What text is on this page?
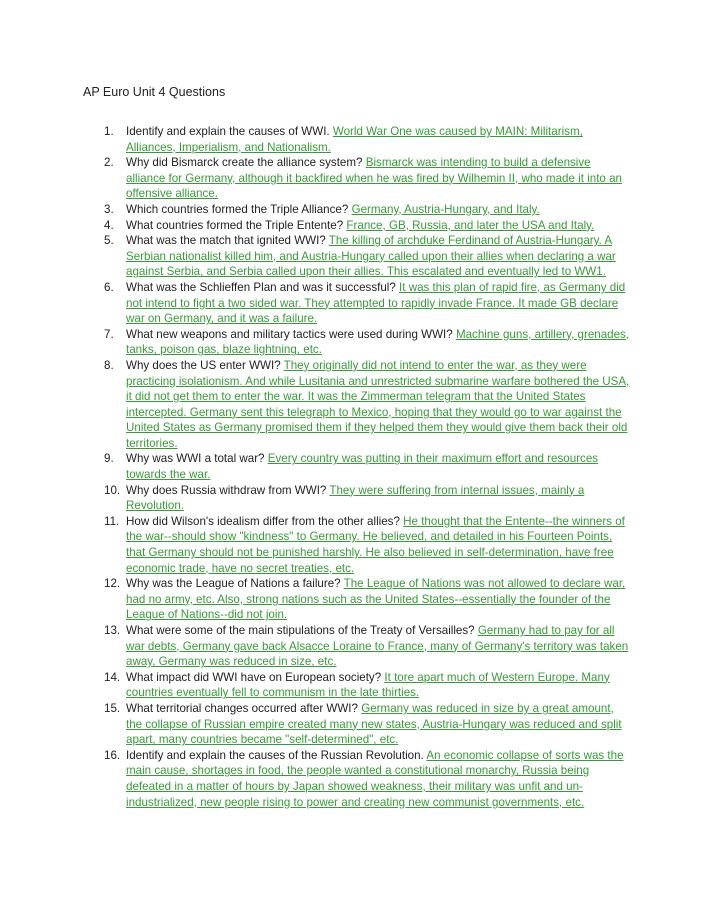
AP Euro Unit 4 Questions
1.	Identify and explain the causes of WWI. World War One was caused by MAIN: Militarism, Alliances, Imperialism, and Nationalism.
2.	Why did Bismarck create the alliance system? Bismarck was intending to build a defensive alliance for Germany, although it backfired when he was fired by Wilhemin II, who made it into an offensive alliance.
3.	Which countries formed the Triple Alliance? Germany, Austria-Hungary, and Italy.
4.	What countries formed the Triple Entente? France, GB, Russia, and later the USA and Italy.
5.	What was the match that ignited WWI? The killing of archduke Ferdinand of Austria-Hungary. A Serbian nationalist killed him, and Austria-Hungary called upon their allies when declaring a war against Serbia, and Serbia called upon their allies. This escalated and eventually led to WW1.
6.	What was the Schlieffen Plan and was it successful? It was this plan of rapid fire, as Germany did not intend to fight a two sided war. They attempted to rapidly invade France. It made GB declare war on Germany, and it was a failure.
7.	What new weapons and military tactics were used during WWI? Machine guns, artillery, grenades, tanks, poison gas, blaze lightning, etc.
8.	Why does the US enter WWI? They originally did not intend to enter the war, as they were practicing isolationism. And while Lusitania and unrestricted submarine warfare bothered the USA, it did not get them to enter the war. It was the Zimmerman telegram that the United States intercepted. Germany sent this telegraph to Mexico, hoping that they would go to war against the United States as Germany promised them if they helped them they would give them back their old territories.
9.	Why was WWI a total war? Every country was putting in their maximum effort and resources towards the war.
10. Why does Russia withdraw from WWI? They were suffering from internal issues, mainly a Revolution.
11. How did Wilson's idealism differ from the other allies? He thought that the Entente--the winners of the war--should show "kindness" to Germany. He believed, and detailed in his Fourteen Points, that Germany should not be punished harshly. He also believed in self-determination, have free economic trade, have no secret treaties, etc.
12. Why was the League of Nations a failure? The League of Nations was not allowed to declare war, had no army, etc. Also, strong nations such as the United States--essentially the founder of the League of Nations--did not join.
13. What were some of the main stipulations of the Treaty of Versailles? Germany had to pay for all war debts, Germany gave back Alsacce Loraine to France, many of Germany's territory was taken away, Germany was reduced in size, etc.
14. What impact did WWI have on European society? It tore apart much of Western Europe. Many countries eventually fell to communism in the late thirties.
15. What territorial changes occurred after WWI? Germany was reduced in size by a great amount, the collapse of Russian empire created many new states, Austria-Hungary was reduced and split apart, many countries became "self-determined", etc.
16. Identify and explain the causes of the Russian Revolution. An economic collapse of sorts was the main cause, shortages in food, the people wanted a constitutional monarchy, Russia being defeated in a matter of hours by Japan showed weakness, their military was unfit and un-industrialized, new people rising to power and creating new communist governments, etc.
